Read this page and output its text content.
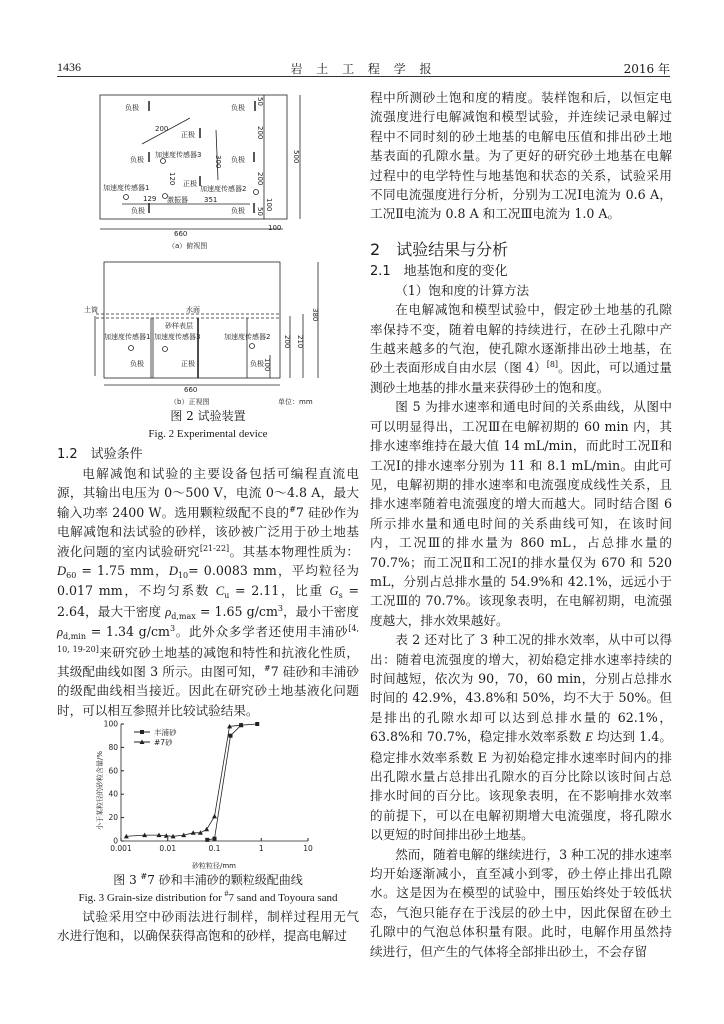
1436	岩 土 工 程 学 报	2016 年
负极	负极
200
正极
负极
加速度传感器3
负极
300
120 正极
加速度传感器1	加速度传感器2
129 激振器 351
负极	负极
50
200
500
200
50
100
100
660
（a）俯视图
土筒	水面
砂样表层
加速度传感器1 加速度传感器3	加速度传感器2
负极	正极	负极
200 210
380
100
660
（b）正视图	单位：mm
图 2 试验装置
Fig. 2 Experimental device
1.2　试验条件

电解减饱和试验的主要设备包括可编程直流电源，其输出电压为 0～500 V，电流 0～4.8 A，最大输入功率 2400 W。选用颗粒级配不良的#7 硅砂作为电解减饱和法试验的砂样，该砂被广泛用于砂土地基液化问题的室内试验研究[21-22]。其基本物理性质为：$D_{60} = 1.75$ mm，$D_{10}= 0.0083$ mm，平均粒径为 0.017 mm，不均匀系数 $C_u = 2.11$，比重 $G_s = 2.64$，最大干密度 $\rho_{d,max} = 1.65$ $g/cm^3$，最小干密度 $\rho_{d,min} = 1.34$ $g/cm^3$。此外众多学者还使用丰浦砂[4, 10, 19-20]来研究砂土地基的减饱和特性和抗液化性质，其级配曲线如图 3 所示。由图可知，#7 硅砂和丰浦砂的级配曲线相当接近。因此在研究砂土地基液化问题时，可以相互参照并比较试验结果。

0.001	0.01	0.1	1	10
0
20
40
60
80
100
丰浦砂
#7砂
砂粒粒径/mm
小于某粒径的砂粒含量/%
图 3 #7 砂和丰浦砂的颗粒级配曲线
Fig. 3 Grain-size distribution for #7 sand and Toyoura sand

试验采用空中砂雨法进行制样，制样过程用无气水进行饱和，以确保获得高饱和的砂样，提高电解过

程中所测砂土饱和度的精度。装样饱和后，以恒定电流强度进行电解减饱和模型试验，并连续记录电解过程中不同时刻的砂土地基的电解电压值和排出砂土地基表面的孔隙水量。为了更好的研究砂土地基在电解过程中的电学特性与地基饱和状态的关系，试验采用不同电流强度进行分析，分别为工况Ⅰ电流为 0.6 A，工况Ⅱ电流为 0.8 A 和工况Ⅲ电流为 1.0 A。

2　试验结果与分析
2.1　地基饱和度的变化
（1）饱和度的计算方法

在电解减饱和模型试验中，假定砂土地基的孔隙率保持不变，随着电解的持续进行，在砂土孔隙中产生越来越多的气泡，使孔隙水逐渐排出砂土地基，在砂土表面形成自由水层（图 4）[8]。因此，可以通过量测砂土地基的排水量来获得砂土的饱和度。

图 5 为排水速率和通电时间的关系曲线，从图中可以明显得出，工况Ⅲ在电解初期的 60 min 内，其排水速率维持在最大值 14 mL/min，而此时工况Ⅱ和工况Ⅰ的排水速率分别为 11 和 8.1 mL/min。由此可见，电解初期的排水速率和电流强度成线性关系，且排水速率随着电流强度的增大而越大。同时结合图 6 所示排水量和通电时间的关系曲线可知，在该时间内，工况Ⅲ的排水量为 860 mL，占总排水量的 70.7%；而工况Ⅱ和工况Ⅰ的排水量仅为 670 和 520 mL，分别占总排水量的 54.9%和 42.1%，远远小于工况Ⅲ的 70.7%。该现象表明，在电解初期，电流强度越大，排水效果越好。

表 2 还对比了 3 种工况的排水效率，从中可以得出：随着电流强度的增大，初始稳定排水速率持续的时间越短，依次为 90，70，60 min，分别占总排水时间的 42.9%，43.8%和 50%，均不大于 50%。但是排出的孔隙水却可以达到总排水量的 62.1%，63.8%和 70.7%，稳定排水效率系数 E 均达到 1.4。稳定排水效率系数 E 为初始稳定排水速率时间内的排出孔隙水量占总排出孔隙水的百分比除以该时间占总排水时间的百分比。该现象表明，在不影响排水效率的前提下，可以在电解初期增大电流强度，将孔隙水以更短的时间排出砂土地基。

然而，随着电解的继续进行，3 种工况的排水速率均开始逐渐减小，直至减小到零，砂土停止排出孔隙水。这是因为在模型的试验中，围压始终处于较低状态，气泡只能存在于浅层的砂土中，因此保留在砂土孔隙中的气泡总体积量有限。此时，电解作用虽然持续进行，但产生的气体将全部排出砂土，不会存留
